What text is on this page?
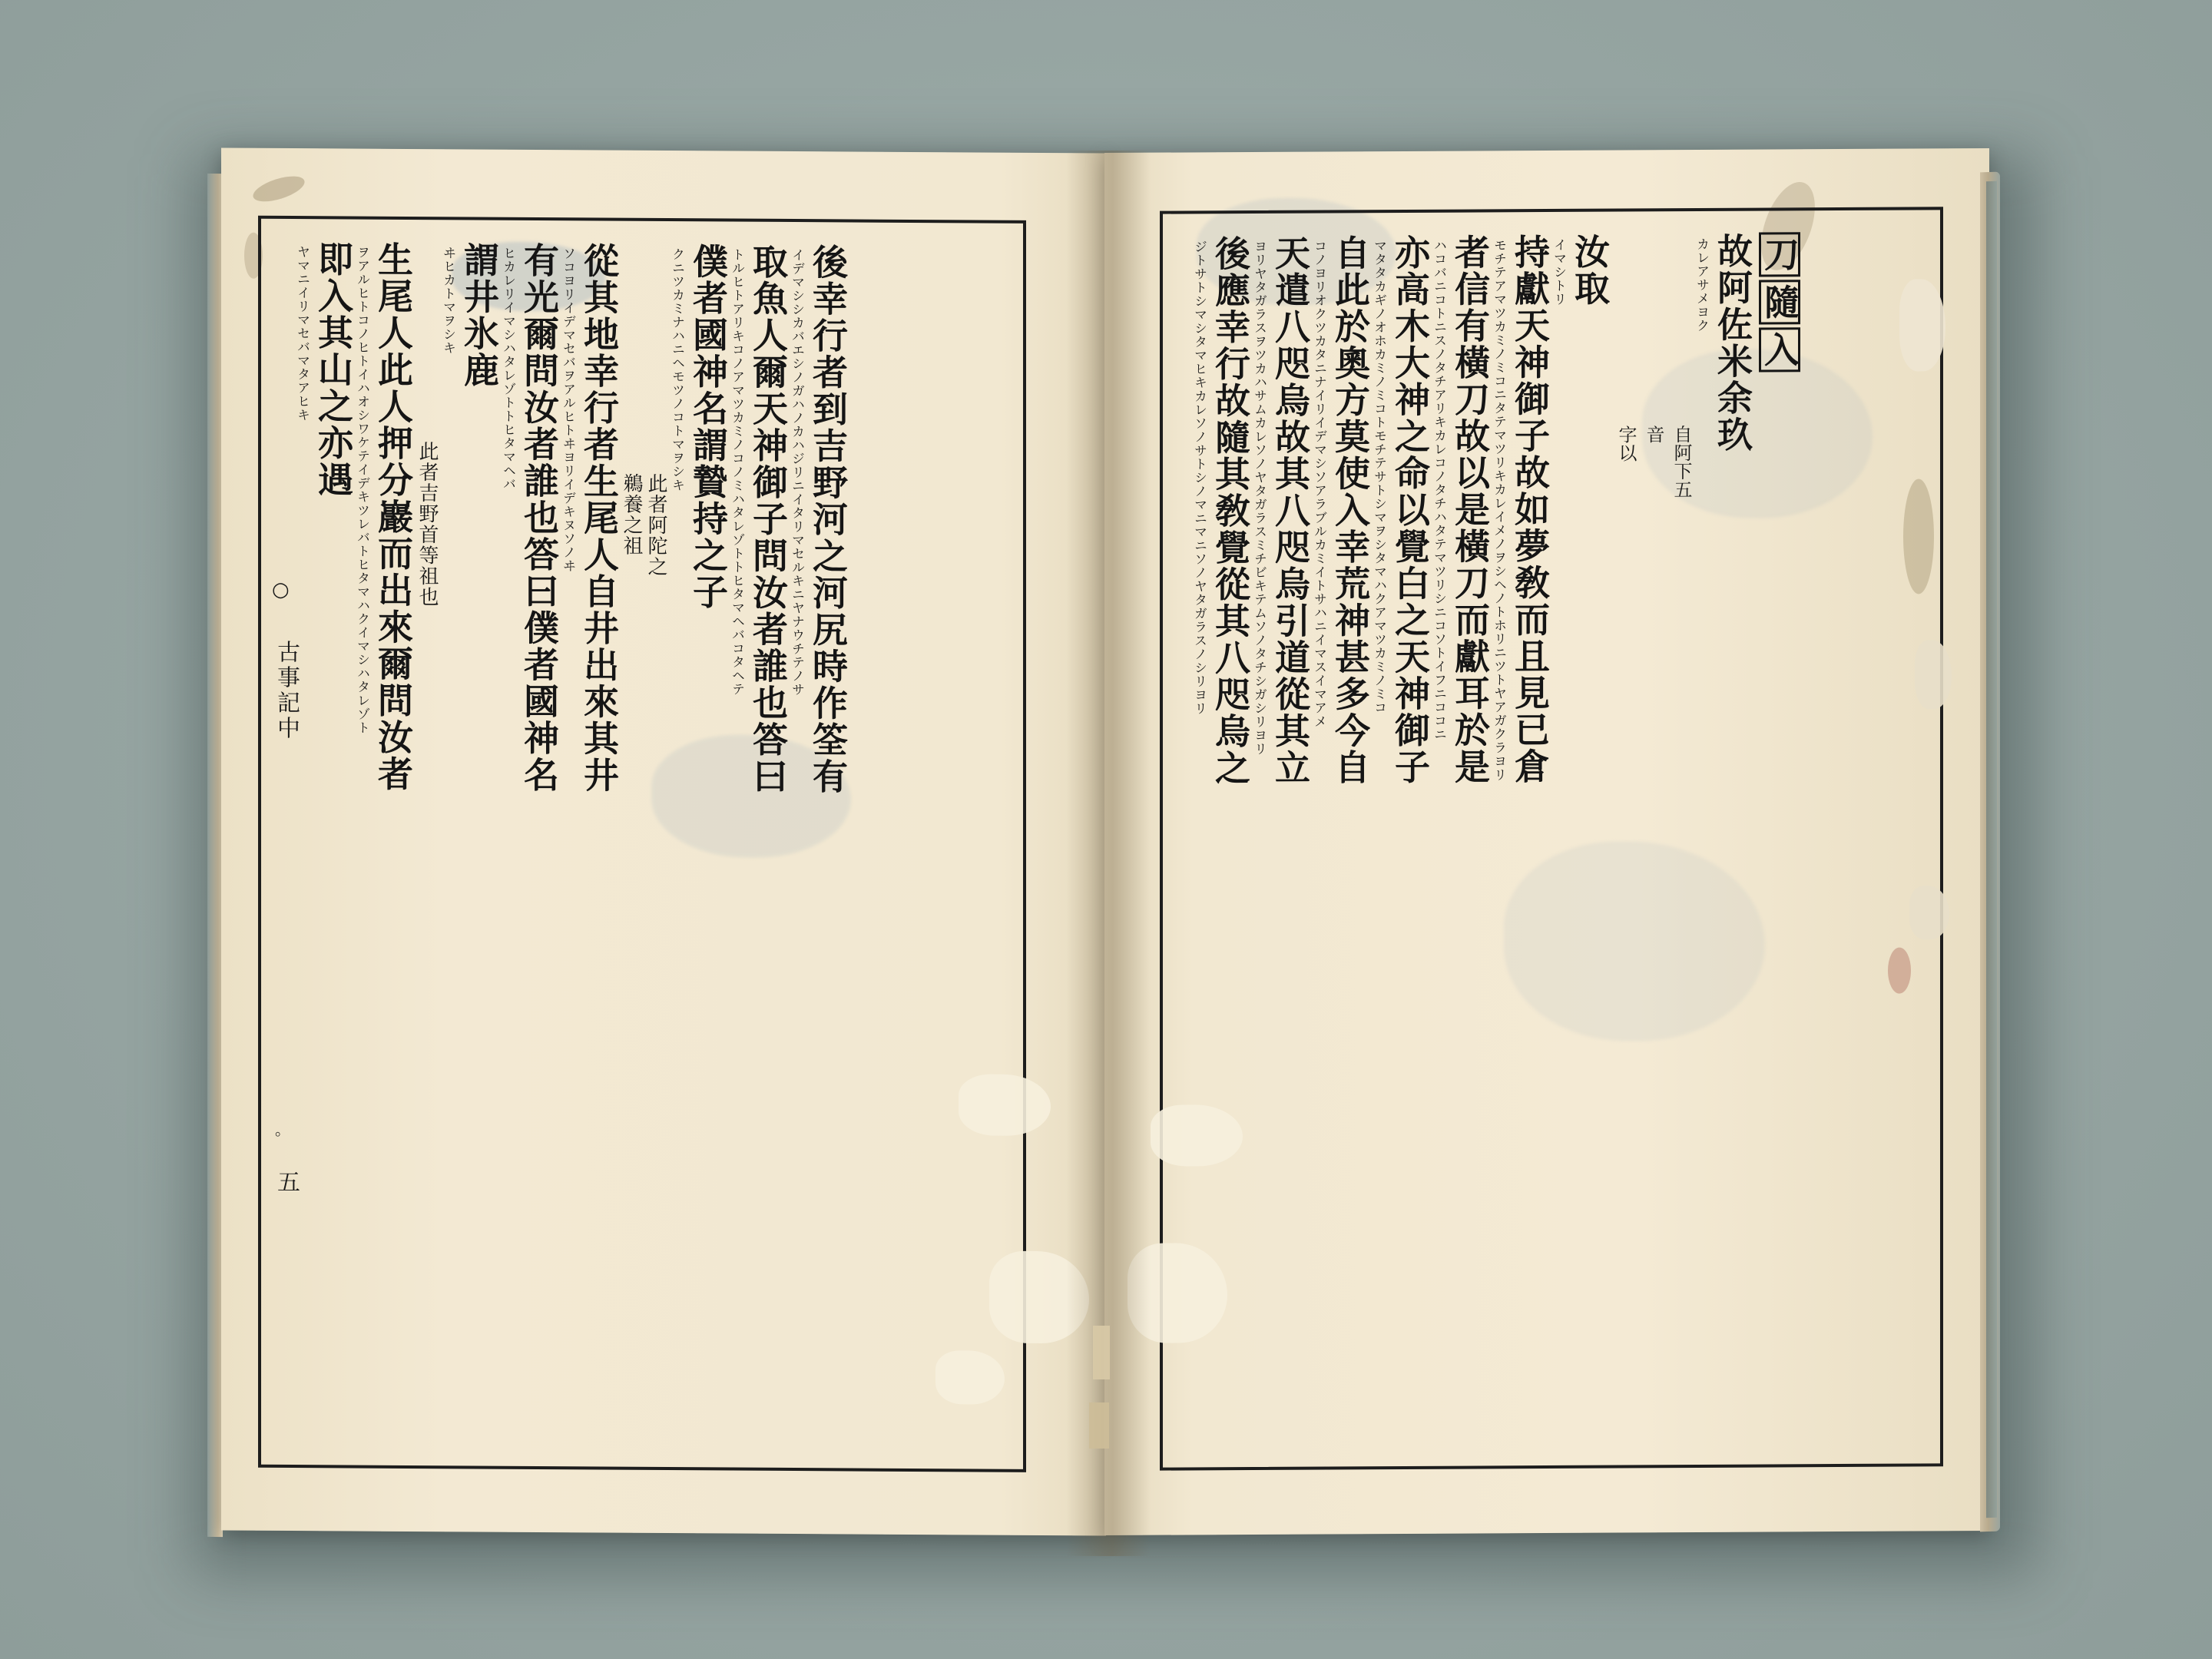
古事記中
五
○
。
後幸行者到吉野河之河尻時作筌有
イデマシシカバエシノガハノカハジリニイタリマセルキニヤナウチテノサ
取魚人爾天神御子問汝者誰也答曰
トルヒトアリキコノアマツカミノコノミハタレゾトトヒタマヘバコタヘテ
僕者國神名謂贄持之子
クニツカミナハニヘモツノコトマヲシキ
此者阿陀之
鵜養之祖
從其地幸行者生尾人自井出來其井
ソコヨリイデマセバヲアルヒトヰヨリイデキヌソノヰ
有光爾問汝者誰也答曰僕者國神名
ヒカレリイマシハタレゾトトヒタマヘバ
謂井氷鹿
ヰヒカトマヲシキ
此者吉野首等祖也
生尾人此人押分巖而出來爾問汝者
ヲアルヒトコノヒトイハオシワケテイデキツレバトヒタマハクイマシハタレゾト
即入其山之亦遇
ヤマニイリマセバマタアヒキ	刀隨入
故阿佐米余玖
カレアサメヨク
自阿下五
音
字以
汝取
イマシトリ
持獻天神御子故如夢敎而且見已倉
モチテアマツカミノミコニタテマツリキカレイメノヲシヘノトホリニツトヤアガクラヨリ
者信有橫刀故以是橫刀而獻耳於是
ハコバニコトニスノタチアリキカレコノタチハタテマツリシニコソトイフニココニ
亦高木大神之命以覺白之天神御子
マタタカギノオホカミノミコトモチテサトシマヲシタマハクアマツカミノミコ
自此於奧方莫使入幸荒神甚多今自
コノヨリオクツカタニナイリイデマシソアラブルカミイトサハニイマスイマアメ
天遣八咫烏故其八咫烏引道從其立
ヨリヤタガラスヲツカハサムカレソノヤタガラスミチビキテムソノタチシガシリヨリ
後應幸行故隨其敎覺從其八咫烏之
ジトサトシマシタマヒキカレソノサトシノマニマニソノヤタガラスノシリヨリ
